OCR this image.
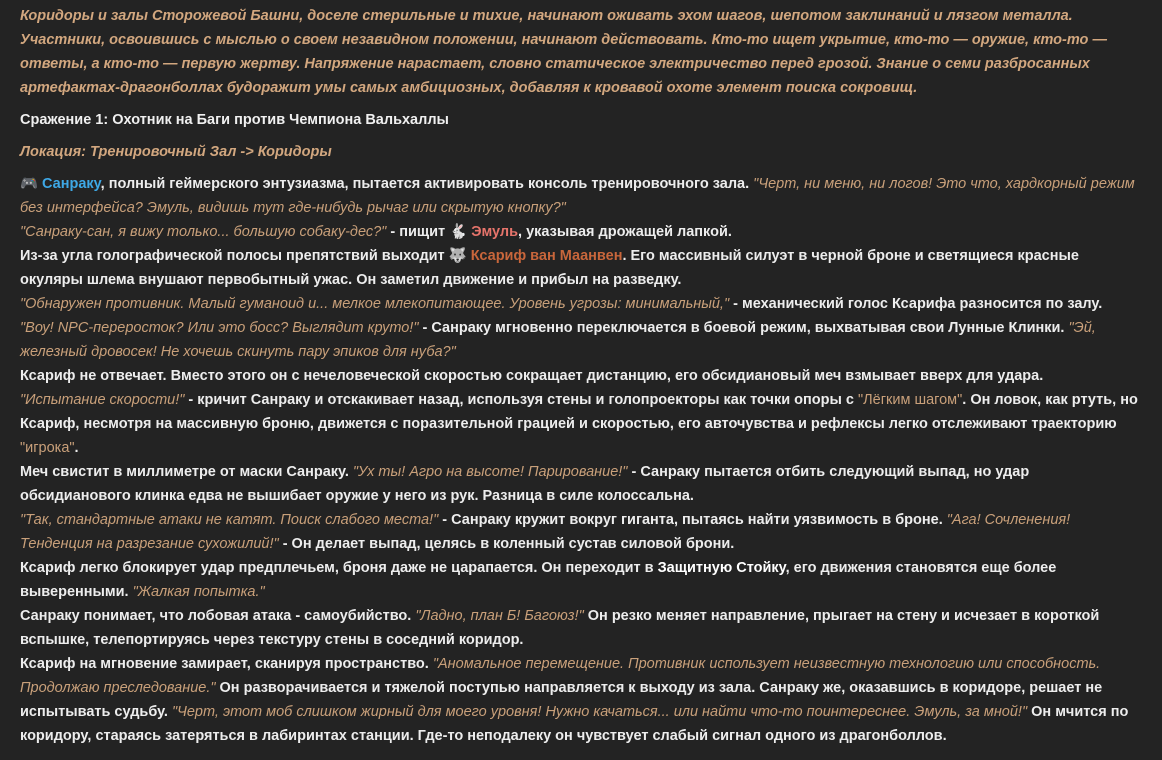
Коридоры и залы Сторожевой Башни, доселе стерильные и тихие, начинают оживать эхом шагов, шепотом заклинаний и лязгом металла. Участники, освоившись с мыслью о своем незавидном положении, начинают действовать. Кто-то ищет укрытие, кто-то — оружие, кто-то — ответы, а кто-то — первую жертву. Напряжение нарастает, словно статическое электричество перед грозой. Знание о семи разбросанных артефактах-драгонболлах будоражит умы самых амбициозных, добавляя к кровавой охоте элемент поиска сокровищ.

Сражение 1: Охотник на Баги против Чемпиона Вальхаллы

Локация: Тренировочный Зал -> Коридоры

🎮 Санраку, полный геймерского энтузиазма, пытается активировать консоль тренировочного зала. "Черт, ни меню, ни логов! Это что, хардкорный режим без интерфейса? Эмуль, видишь тут где-нибудь рычаг или скрытую кнопку?"

"Санраку-сан, я вижу только... большую собаку-дес?" - пищит 🐇 Эмуль, указывая дрожащей лапкой.

Из-за угла голографической полосы препятствий выходит 🐺 Ксариф ван Маанвен. Его массивный силуэт в черной броне и светящиеся красные окуляры шлема внушают первобытный ужас. Он заметил движение и прибыл на разведку.

"Обнаружен противник. Малый гуманоид и... мелкое млекопитающее. Уровень угрозы: минимальный," - механический голос Ксарифа разносится по залу.

"Воу! NPC-переросток? Или это босс? Выглядит круто!" - Санраку мгновенно переключается в боевой режим, выхватывая свои Лунные Клинки. "Эй, железный дровосек! Не хочешь скинуть пару эпиков для нуба?"

Ксариф не отвечает. Вместо этого он с нечеловеческой скоростью сокращает дистанцию, его обсидиановый меч взмывает вверх для удара.

"Испытание скорости!" - кричит Санраку и отскакивает назад, используя стены и голопроекторы как точки опоры с "Лёгким шагом". Он ловок, как ртуть, но Ксариф, несмотря на массивную броню, движется с поразительной грацией и скоростью, его авточувства и рефлексы легко отслеживают траекторию "игрока".

Меч свистит в миллиметре от маски Санраку. "Ух ты! Агро на высоте! Парирование!" - Санраку пытается отбить следующий выпад, но удар обсидианового клинка едва не вышибает оружие у него из рук. Разница в силе колоссальна.

"Так, стандартные атаки не катят. Поиск слабого места!" - Санраку кружит вокруг гиганта, пытаясь найти уязвимость в броне. "Ага! Сочленения! Тенденция на разрезание сухожилий!" - Он делает выпад, целясь в коленный сустав силовой брони.

Ксариф легко блокирует удар предплечьем, броня даже не царапается. Он переходит в Защитную Стойку, его движения становятся еще более выверенными. "Жалкая попытка."

Санраку понимает, что лобовая атака - самоубийство. "Ладно, план Б! Багоюз!" Он резко меняет направление, прыгает на стену и исчезает в короткой вспышке, телепортируясь через текстуру стены в соседний коридор.

Ксариф на мгновение замирает, сканируя пространство. "Аномальное перемещение. Противник использует неизвестную технологию или способность. Продолжаю преследование." Он разворачивается и тяжелой поступью направляется к выходу из зала. Санраку же, оказавшись в коридоре, решает не испытывать судьбу. "Черт, этот моб слишком жирный для моего уровня! Нужно качаться... или найти что-то поинтереснее. Эмуль, за мной!" Он мчится по коридору, стараясь затеряться в лабиринтах станции. Где-то неподалеку он чувствует слабый сигнал одного из драгонболлов.
